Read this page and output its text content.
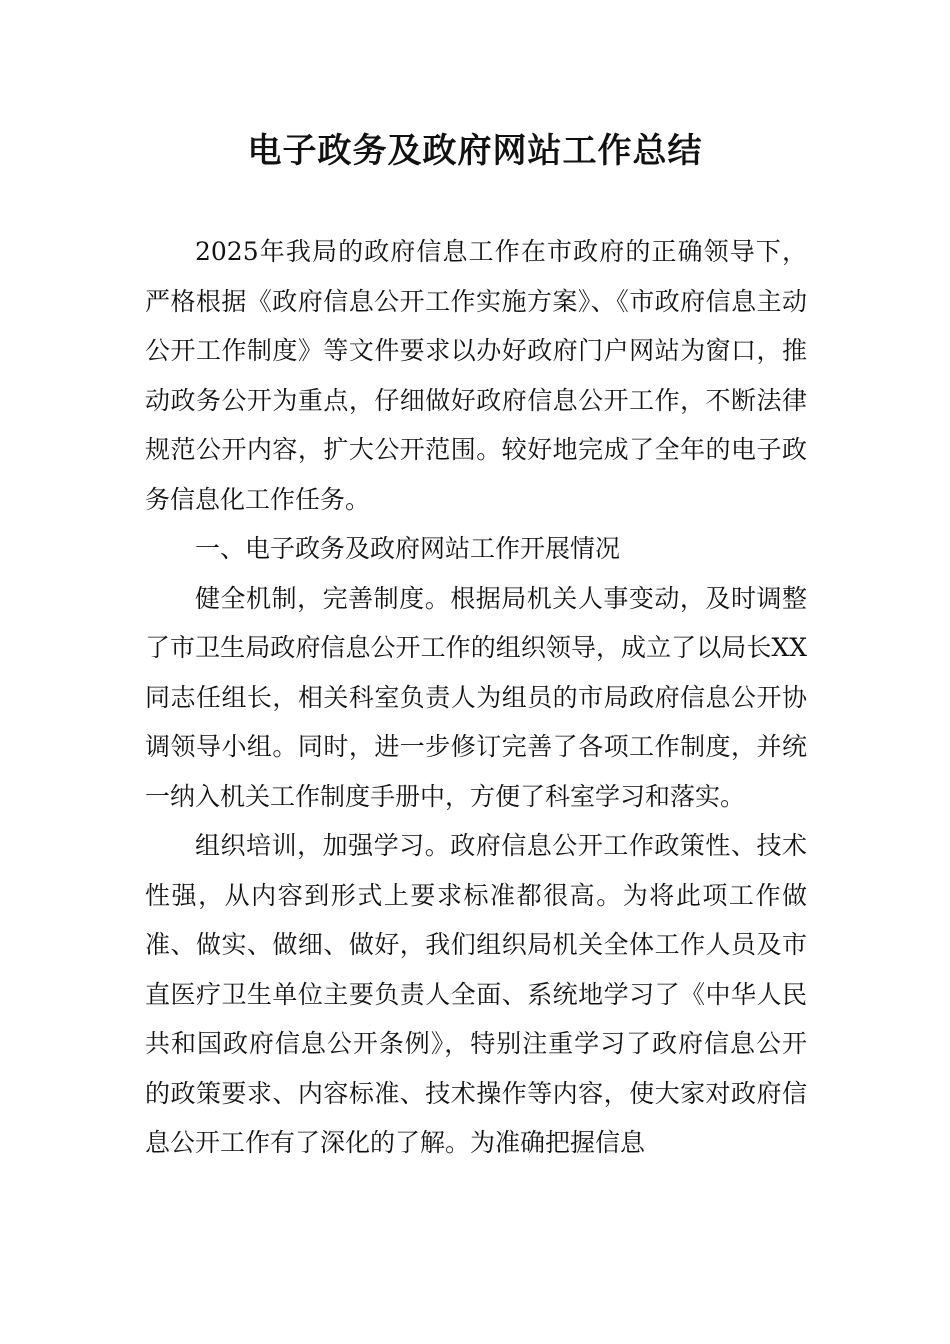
电子政务及政府网站工作总结

2025年我局的政府信息工作在市政府的正确领导下，严格根据《政府信息公开工作实施方案》、《市政府信息主动公开工作制度》等文件要求以办好政府门户网站为窗口，推动政务公开为重点，仔细做好政府信息公开工作，不断法律规范公开内容，扩大公开范围。较好地完成了全年的电子政务信息化工作任务。

一、电子政务及政府网站工作开展情况

健全机制，完善制度。根据局机关人事变动，及时调整了市卫生局政府信息公开工作的组织领导，成立了以局长XX同志任组长，相关科室负责人为组员的市局政府信息公开协调领导小组。同时，进一步修订完善了各项工作制度，并统一纳入机关工作制度手册中，方便了科室学习和落实。

组织培训，加强学习。政府信息公开工作政策性、技术性强，从内容到形式上要求标准都很高。为将此项工作做准、做实、做细、做好，我们组织局机关全体工作人员及市直医疗卫生单位主要负责人全面、系统地学习了《中华人民共和国政府信息公开条例》，特别注重学习了政府信息公开的政策要求、内容标准、技术操作等内容，使大家对政府信息公开工作有了深化的了解。为准确把握信息
